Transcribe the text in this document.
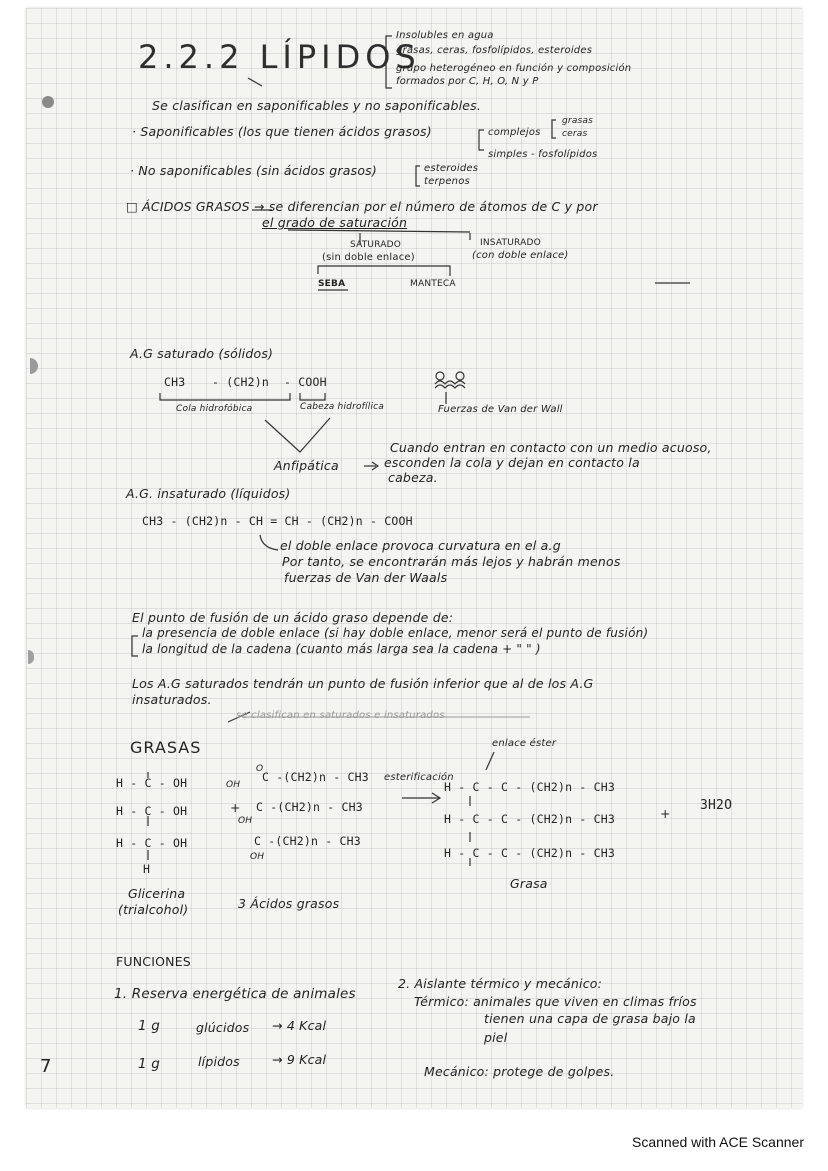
2.2.2 LÍPIDOS
Insolubles en agua
grasas, ceras, fosfolípidos, esteroides
grupo heterogéneo en función y composición
formados por C, H, O, N y P
Se clasifican en saponificables y no saponificables.
· Saponificables (los que tienen ácidos grasos)	complejos
grasas
ceras
simples - fosfolípidos
· No saponificables (sin ácidos grasos)	esteroides
terpenos
□ ÁCIDOS GRASOS → se diferencian por el número de átomos de C y por
el grado de saturación
SATURADO
(sin doble enlace)
INSATURADO
(con doble enlace)
SEBA	MANTECA
A.G saturado (sólidos)
CH3 - (CH2)n - COOH
Cola hidrofóbica	Cabeza hidrofílica	Fuerzas de Van der Wall
Anfipática
Cuando entran en contacto con un medio acuoso,
esconden la cola y dejan en contacto la
cabeza.
A.G. insaturado (líquidos)
CH3 - (CH2)n - CH = CH - (CH2)n - COOH
el doble enlace provoca curvatura en el a.g
Por tanto, se encontrarán más lejos y habrán menos
fuerzas de Van der Waals
El punto de fusión de un ácido graso depende de:
la presencia de doble enlace (si hay doble enlace, menor será el punto de fusión)
la longitud de la cadena (cuanto más larga sea la cadena + " " )
Los A.G saturados tendrán un punto de fusión inferior que al de los A.G
insaturados.
se clasifican en saturados e insaturados
GRASAS
H - C - OH
H - C - OH
H - C - OH
H
Glicerina
(trialcohol)
O
OH
C -(CH2)n - CH3
+ C -(CH2)n - CH3
OH
C -(CH2)n - CH3
OH
3 Ácidos grasos
esterificación
enlace éster
H - C - C - (CH2)n - CH3
H - C - C - (CH2)n - CH3
H - C - C - (CH2)n - CH3
+
3H2O
Grasa
FUNCIONES
1. Reserva energética de animales
1 g	glúcidos → 4 Kcal
1 g	lípidos	→ 9 Kcal
2. Aislante térmico y mecánico:
Térmico: animales que viven en climas fríos
tienen una capa de grasa bajo la
piel
Mecánico: protege de golpes.
7
Scanned with ACE Scanner
